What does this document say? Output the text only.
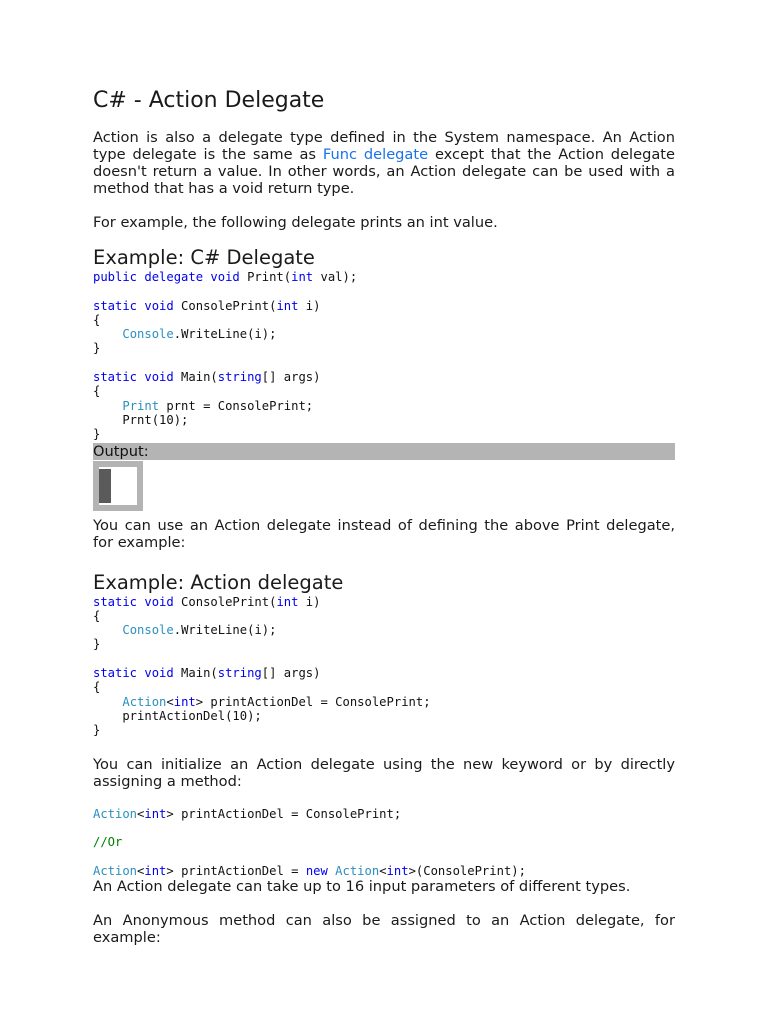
C# - Action Delegate

Action is also a delegate type defined in the System namespace. An Action type delegate is the same as Func delegate except that the Action delegate doesn't return a value. In other words, an Action delegate can be used with a method that has a void return type.

For example, the following delegate prints an int value.

Example: C# Delegate
public delegate void Print(int val);

static void ConsolePrint(int i)
{
Console.WriteLine(i);
}

static void Main(string[] args)
{
Print prnt = ConsolePrint;
Prnt(10);
}
Output:

You can use an Action delegate instead of defining the above Print delegate, for example:

Example: Action delegate
static void ConsolePrint(int i)
{
Console.WriteLine(i);
}

static void Main(string[] args)
{
Action<int> printActionDel = ConsolePrint;
printActionDel(10);
}

You can initialize an Action delegate using the new keyword or by directly assigning a method:

Action<int> printActionDel = ConsolePrint;

//Or

Action<int> printActionDel = new Action<int>(ConsolePrint);

An Action delegate can take up to 16 input parameters of different types.

An Anonymous method can also be assigned to an Action delegate, for example:
